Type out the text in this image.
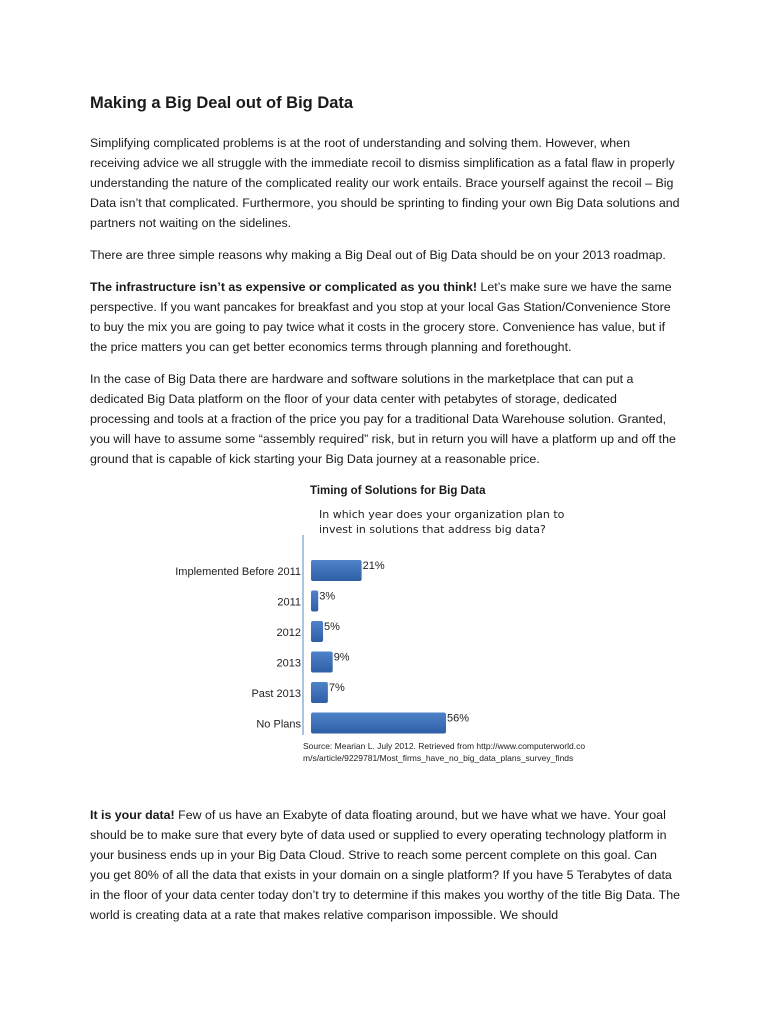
Making a Big Deal out of Big Data

Simplifying complicated problems is at the root of understanding and solving them. However, when receiving advice we all struggle with the immediate recoil to dismiss simplification as a fatal flaw in properly understanding the nature of the complicated reality our work entails. Brace yourself against the recoil – Big Data isn’t that complicated. Furthermore, you should be sprinting to finding your own Big Data solutions and partners not waiting on the sidelines.

There are three simple reasons why making a Big Deal out of Big Data should be on your 2013 roadmap.

The infrastructure isn’t as expensive or complicated as you think! Let’s make sure we have the same perspective. If you want pancakes for breakfast and you stop at your local Gas Station/Convenience Store to buy the mix you are going to pay twice what it costs in the grocery store. Convenience has value, but if the price matters you can get better economics terms through planning and forethought.

In the case of Big Data there are hardware and software solutions in the marketplace that can put a dedicated Big Data platform on the floor of your data center with petabytes of storage, dedicated processing and tools at a fraction of the price you pay for a traditional Data Warehouse solution. Granted, you will have to assume some “assembly required” risk, but in return you will have a platform up and off the ground that is capable of kick starting your Big Data journey at a reasonable price.

Timing of Solutions for Big Data
In which year does your organization plan to invest in solutions that address big data?
Implemented Before 2011	21%
2011 3%
2012 5%
2013	9%
Past 2013	7%
No Plans	56%
Source: Mearian L. July 2012. Retrieved from http://www.computerworld.com/s/article/9229781/Most_firms_have_no_big_data_plans_survey_finds

It is your data! Few of us have an Exabyte of data floating around, but we have what we have. Your goal should be to make sure that every byte of data used or supplied to every operating technology platform in your business ends up in your Big Data Cloud. Strive to reach some percent complete on this goal. Can you get 80% of all the data that exists in your domain on a single platform? If you have 5 Terabytes of data in the floor of your data center today don’t try to determine if this makes you worthy of the title Big Data. The world is creating data at a rate that makes relative comparison impossible. We should
